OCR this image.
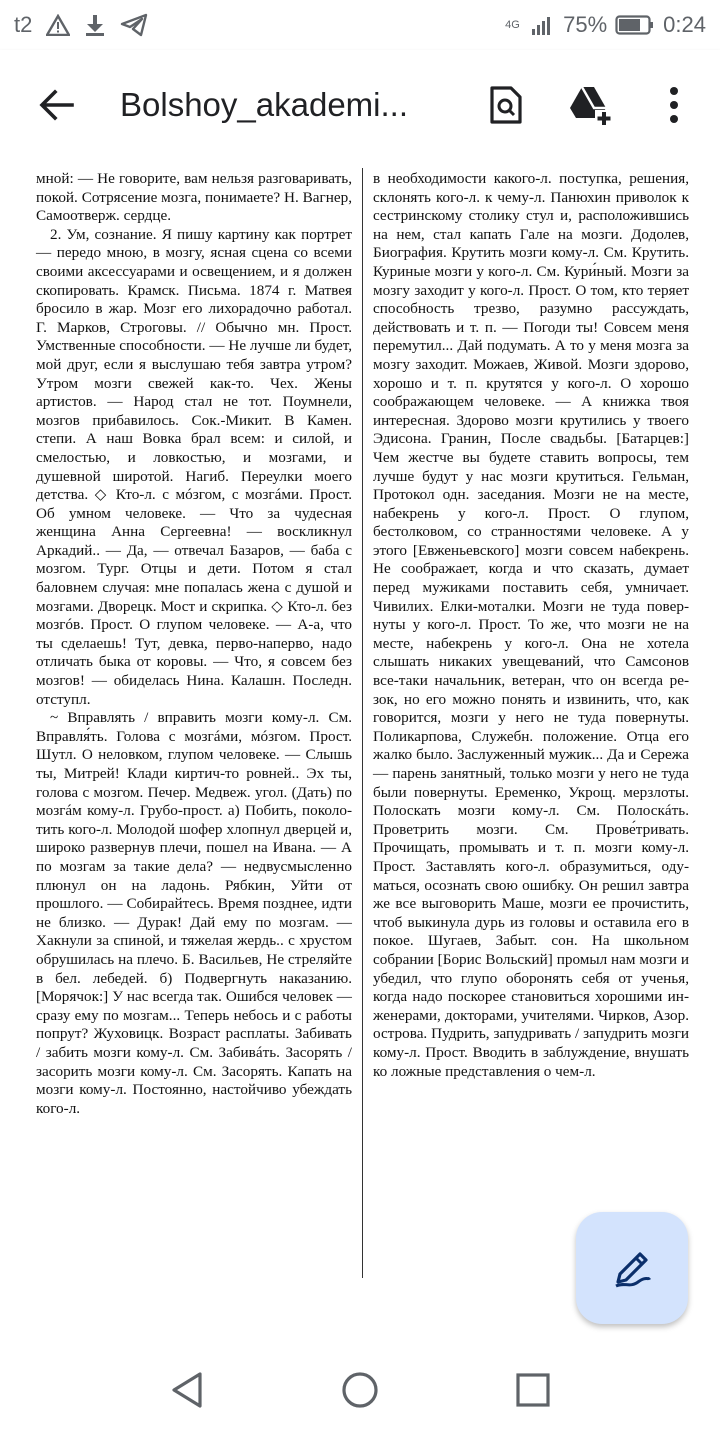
t2	4G 75%	0:24
Bolshoy_akademi...
мной: — Не говорите, вам нельзя разговаривать, покой. Сотрясение мозга, понимаете? Н. Вагнер, Самоотверж. сердце.
2. Ум, сознание. Я пишу картину как портрет — передо мною, в мозгу, ясная сцена со всеми своими аксессуарами и освещением, и я должен скопировать. Крамск. Письма. 1874 г. Матвея бросило в жар. Мозг его лихорадочно работал. Г. Марков, Строговы. // Обычно мн. Прост. Умственные способности. — Не лучше ли будет, мой друг, если я выслушаю тебя завтра утром? Утром мозги свежей как-то. Чех. Жены артистов. — Народ стал не тот. Поумнели, мозгов прибавилось. Сок.-Микит. В Камен. степи. А наш Вовка брал всем: и силой, и смелостью, и ловкостью, и мозгами, и душевной широтой. Нагиб. Переулки моего детства. ◇ Кто-л. с мóзгом, с мозгáми. Прост. Об умном человеке. — Что за чудесная женщина Анна Сергеевна! — воскликнул Аркадий.. — Да, — отвечал Базаров, — баба с мозгом. Тург. Отцы и дети. Потом я стал баловнем случая: мне попалась жена с душой и мозгами. Дворецк. Мост и скрипка. ◇ Кто-л. без мозгóв. Прост. О глупом человеке. — А-а, что ты сделаешь! Тут, девка, перво-наперво, надо отличать быка от коровы. — Что, я совсем без мозгов! — обиделась Нина. Калашн. Последн. отступл.
~ Вправлять / вправить мозги кому-л. См. Вправля́ть. Голова с мозгáми, мóзгом. Прост. Шутл. О неловком, глупом человеке. — Слышь ты, Митрей! Клади киртич-то ровней.. Эх ты, голова с мозгом. Печер. Медвеж. угол. (Дать) по мозгáм кому-л. Грубо-прост. а) Побить, поколотить кого-л. Молодой шофер хлопнул дверцей и, широко развернув плечи, пошел на Ивана. — А по мозгам за такие дела? — недвусмысленно плюнул он на ладонь. Рябкин, Уйти от прошлого. — Собирайтесь. Время позднее, идти не близко. — Дурак! Дай ему по мозгам. — Хакнули за спиной, и тяжелая жердь.. с хрустом обрушилась на плечо. Б. Васильев, Не стреляйте в бел. лебедей. б) Подвергнуть наказанию. [Морячок:] У нас всегда так. Ошибся человек — сразу ему по мозгам... Теперь небось и с работы попрут? Жуховицк. Возраст расплаты. Забивать / забить мозги кому-л. См. Забивáть. Засорять / засорить мозги кому-л. См. Засорять. Капать на мозги кому-л. Постоянно, настойчиво убеждать кого-л.
в необходимости какого-л. поступка, решения, склонять кого-л. к чему-л. Панюхин приволок к сестринскому столику стул и, расположившись на нем, стал капать Гале на мозги. Додолев, Биография. Крутить мозги кому-л. См. Крутить. Куриные мозги у кого-л. См. Кури́ный. Мозги за мозгу заходит у кого-л. Прост. О том, кто теряет способность трезво, разумно рассуждать, действовать и т. п. — Погоди ты! Совсем меня перемутил... Дай подумать. А то у меня мозга за мозгу заходит. Можаев, Живой. Мозги здорово, хорошо и т. п. крутятся у кого-л. О хорошо соображающем человеке. — А книжка твоя интересная. Здорово мозги крутились у твоего Эдисона. Гранин, После свадьбы. [Батарцев:] Чем жестче вы будете ставить вопросы, тем лучше будут у нас мозги крутиться. Гельман, Протокол одн. заседания. Мозги не на месте, набекрень у кого-л. Прост. О глупом, бестолковом, со странностями человеке. А у этого [Евженьевского] мозги совсем набекрень. Не соображает, когда и что сказать, думает перед мужиками поставить себя, умничает. Чивилих. Елки-моталки. Мозги не туда повернуты у кого-л. Прост. То же, что мозги не на месте, набекрень у кого-л. Она не хотела слышать никаких увещеваний, что Самсонов все-таки начальник, ветеран, что он всегда резок, но его можно понять и извинить, что, как говорится, мозги у него не туда повернуты. Поликарпова, Служебн. положение. Отца его жалко было. Заслуженный мужик... Да и Сережа — парень занятный, только мозги у него не туда были повернуты. Еременко, Укрощ. мерзлоты. Полоскать мозги кому-л. См. Полоскáть. Проветрить мозги. См. Прове́тривать. Прочищать, промывать и т. п. мозги кому-л. Прост. Заставлять кого-л. образумиться, одуматься, осознать свою ошибку. Он решил завтра же все выговорить Маше, мозги ее прочистить, чтоб выкинула дурь из головы и оставила его в покое. Шугаев, Забыт. сон. На школьном собрании [Борис Вольский] промыл нам мозги и убедил, что глупо оборонять себя от ученья, когда надо поскорее становиться хорошими инженерами, докторами, учителями. Чирков, Азор. острова. Пудрить, запудривать / запудрить мозги кому-л. Прост. Вводить в заблуждение, внушать ко ложные представления о чем-л.
